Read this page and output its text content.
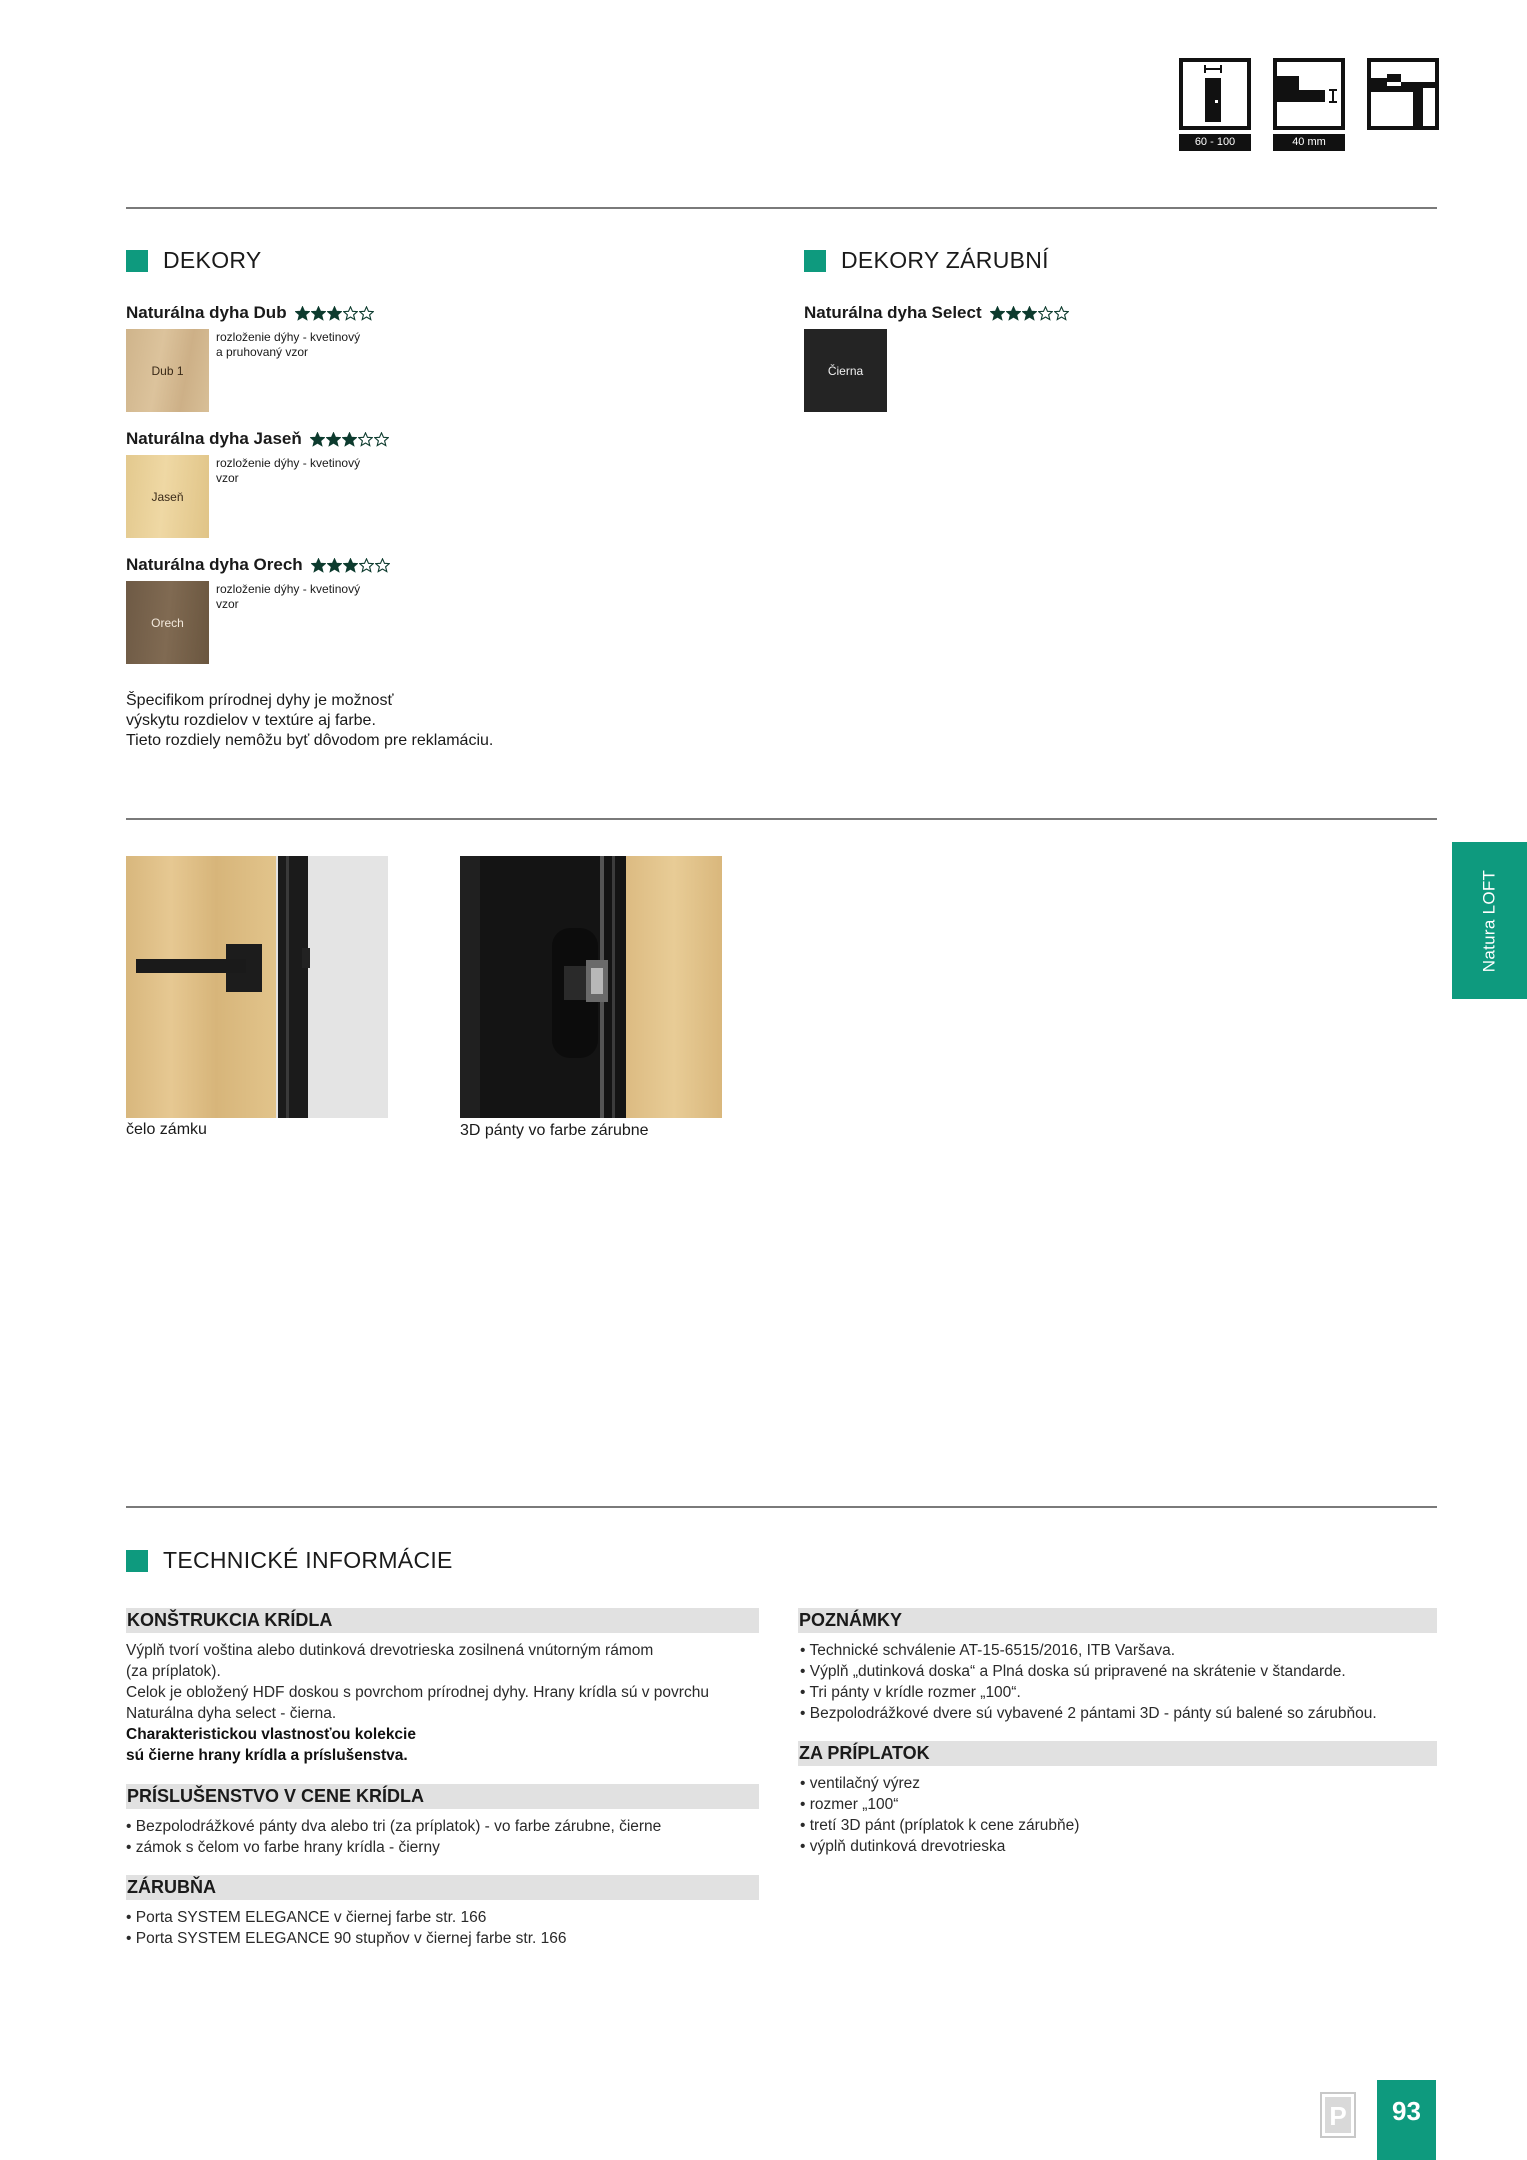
60 - 100	40 mm
DEKORY
Naturálna dyha Dub
Dub 1
rozloženie dýhy - kvetinový
a pruhovaný vzor
Naturálna dyha Jaseň
Jaseň
rozloženie dýhy - kvetinový
vzor
Naturálna dyha Orech
Orech
rozloženie dýhy - kvetinový
vzor

Špecifikom prírodnej dyhy je možnosť

výskytu rozdielov v textúre aj farbe.

Tieto rozdiely nemôžu byť dôvodom pre reklamáciu.

DEKORY ZÁRUBNÍ
Naturálna dyha Select
Čierna
čelo zámku	3D pánty vo farbe zárubne
Natura LOFT
TECHNICKÉ INFORMÁCIE
KONŠTRUKCIA KRÍDLA

Výplň tvorí voština alebo dutinková drevotrieska zosilnená vnútorným rámom

(za príplatok).

Celok je obložený HDF doskou s povrchom prírodnej dyhy. Hrany krídla sú v povrchu

Naturálna dyha select - čierna.

Charakteristickou vlastnosťou kolekcie

sú čierne hrany krídla a príslušenstva.

PRÍSLUŠENSTVO V CENE KRÍDLA
• Bezpolodrážkové pánty dva alebo tri (za príplatok) - vo farbe zárubne, čierne
• zámok s čelom vo farbe hrany krídla - čierny
ZÁRUBŇA
• Porta SYSTEM ELEGANCE v čiernej farbe str. 166
• Porta SYSTEM ELEGANCE 90 stupňov v čiernej farbe str. 166
POZNÁMKY
• Technické schválenie AT-15-6515/2016, ITB Varšava.
• Výplň „dutinková doska“ a Plná doska sú pripravené na skrátenie v štandarde.
• Tri pánty v krídle rozmer „100“.
• Bezpolodrážkové dvere sú vybavené 2 pántami 3D - pánty sú balené so zárubňou.
ZA PRÍPLATOK
• ventilačný výrez
• rozmer „100“
• tretí 3D pánt (príplatok k cene zárubňe)
• výplň dutinková drevotrieska
P	93
